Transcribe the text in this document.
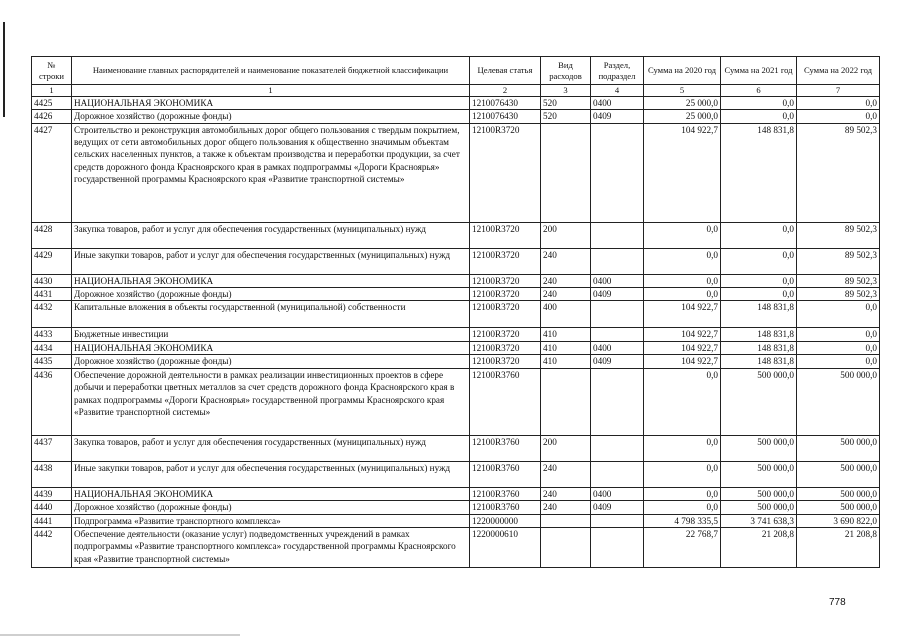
№ строки	Наименование главных распорядителей и наименование показателей бюджетной классификации	Целевая статья	Вид расходов	Раздел, подраздел	Сумма на 2020 год	Сумма на 2021 год	Сумма на 2022 год
1	1	2	3	4	5	6	7
4425	НАЦИОНАЛЬНАЯ ЭКОНОМИКА	1210076430	520	0400	25 000,0	0,0	0,0
4426	Дорожное хозяйство (дорожные фонды)	1210076430	520	0409	25 000,0	0,0	0,0
4427	Строительство и реконструкция автомобильных дорог общего пользования с твердым покрытием, ведущих от сети автомобильных дорог общего пользования к общественно значимым объектам сельских населенных пунктов, а также к объектам производства и переработки продукции, за счет средств дорожного фонда Красноярского края в рамках подпрограммы «Дороги Красноярья» государственной программы Красноярского края «Развитие транспортной системы»	12100R3720			104 922,7	148 831,8	89 502,3
4428	Закупка товаров, работ и услуг для обеспечения государственных (муниципальных) нужд	12100R3720	200		0,0	0,0	89 502,3
4429	Иные закупки товаров, работ и услуг для обеспечения государственных (муниципальных) нужд	12100R3720	240		0,0	0,0	89 502,3
4430	НАЦИОНАЛЬНАЯ ЭКОНОМИКА	12100R3720	240	0400	0,0	0,0	89 502,3
4431	Дорожное хозяйство (дорожные фонды)	12100R3720	240	0409	0,0	0,0	89 502,3
4432	Капитальные вложения в объекты государственной (муниципальной) собственности	12100R3720	400		104 922,7	148 831,8	0,0
4433	Бюджетные инвестиции	12100R3720	410		104 922,7	148 831,8	0,0
4434	НАЦИОНАЛЬНАЯ ЭКОНОМИКА	12100R3720	410	0400	104 922,7	148 831,8	0,0
4435	Дорожное хозяйство (дорожные фонды)	12100R3720	410	0409	104 922,7	148 831,8	0,0
4436	Обеспечение дорожной деятельности в рамках реализации инвестиционных проектов в сфере добычи и переработки цветных металлов за счет средств дорожного фонда Красноярского края в рамках подпрограммы «Дороги Красноярья» государственной программы Красноярского края «Развитие транспортной системы»	12100R3760			0,0	500 000,0	500 000,0
4437	Закупка товаров, работ и услуг для обеспечения государственных (муниципальных) нужд	12100R3760	200		0,0	500 000,0	500 000,0
4438	Иные закупки товаров, работ и услуг для обеспечения государственных (муниципальных) нужд	12100R3760	240		0,0	500 000,0	500 000,0
4439	НАЦИОНАЛЬНАЯ ЭКОНОМИКА	12100R3760	240	0400	0,0	500 000,0	500 000,0
4440	Дорожное хозяйство (дорожные фонды)	12100R3760	240	0409	0,0	500 000,0	500 000,0
4441	Подпрограмма «Развитие транспортного комплекса»	1220000000			4 798 335,5	3 741 638,3	3 690 822,0
4442	Обеспечение деятельности (оказание услуг) подведомственных учреждений в рамках подпрограммы «Развитие транспортного комплекса» государственной программы Красноярского края «Развитие транспортной системы»	1220000610			22 768,7	21 208,8	21 208,8
778
